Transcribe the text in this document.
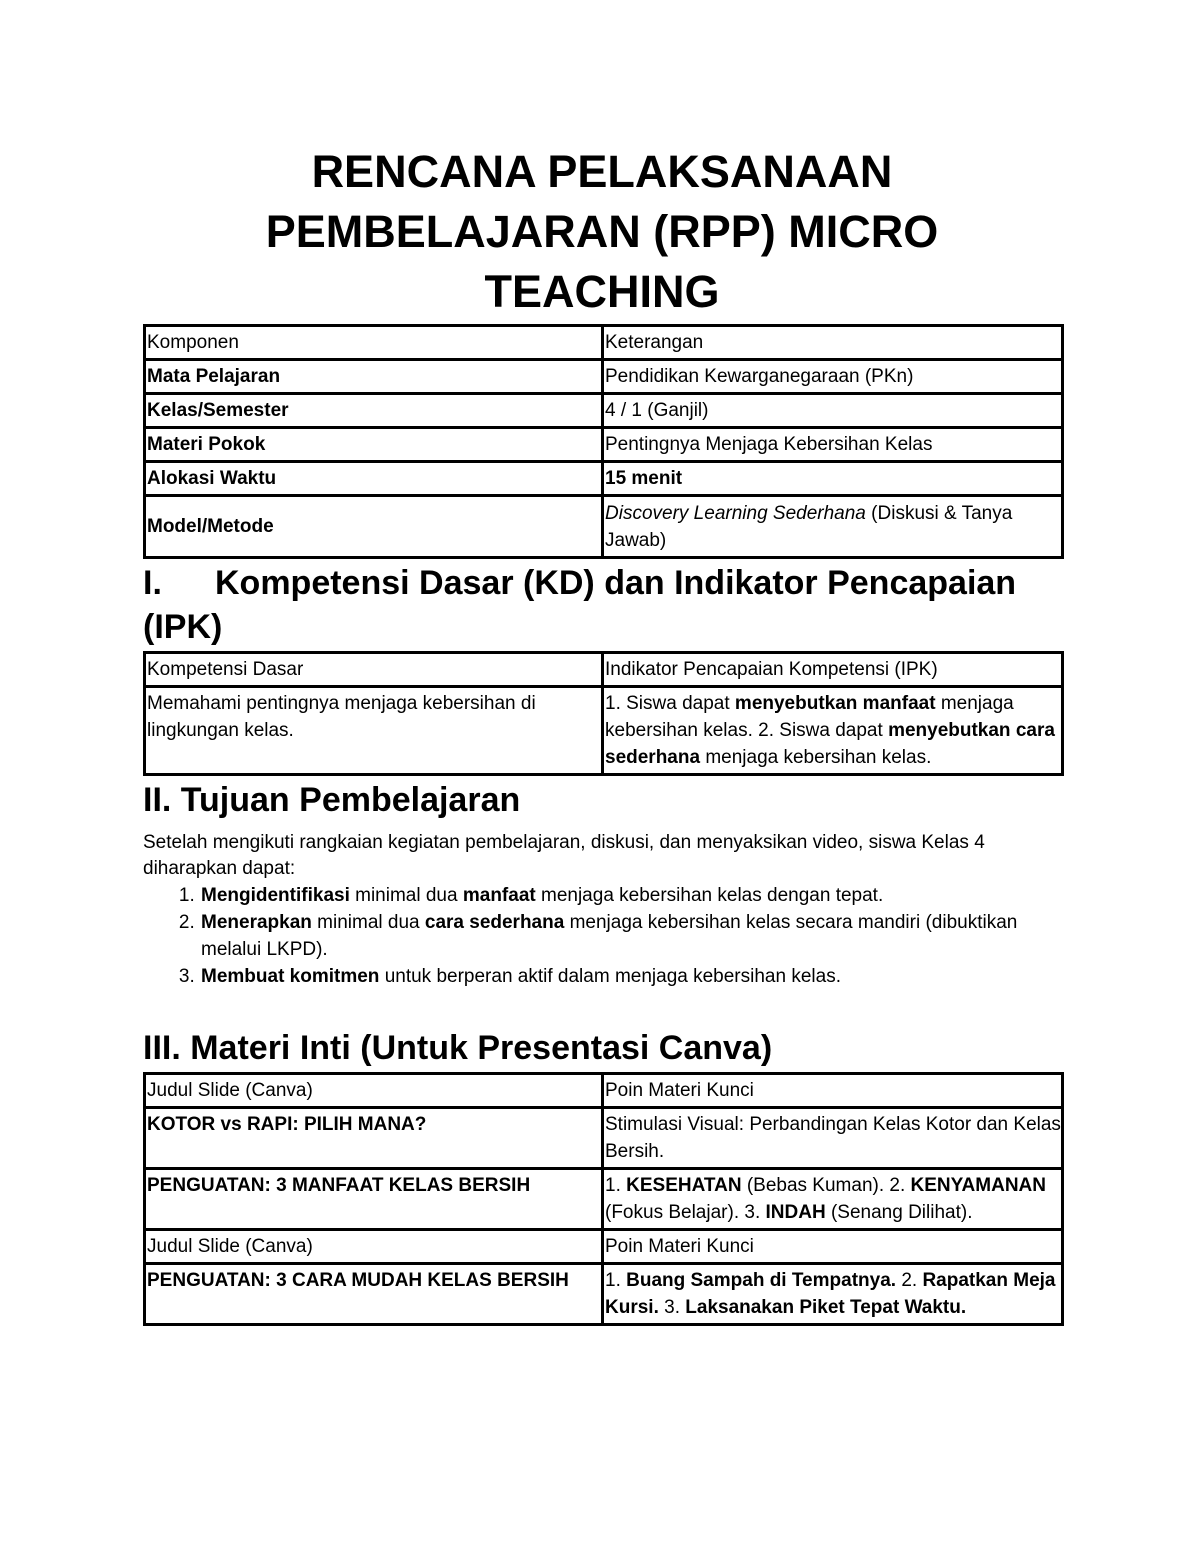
RENCANA PELAKSANAAN
PEMBELAJARAN (RPP) MICRO
TEACHING
Komponen	Keterangan
Mata Pelajaran	Pendidikan Kewarganegaraan (PKn)
Kelas/Semester	4 / 1 (Ganjil)
Materi Pokok	Pentingnya Menjaga Kebersihan Kelas
Alokasi Waktu	15 menit
Model/Metode	Discovery Learning Sederhana (Diskusi & Tanya Jawab)
I. Kompetensi Dasar (KD) dan Indikator Pencapaian (IPK)
Kompetensi Dasar	Indikator Pencapaian Kompetensi (IPK)
Memahami pentingnya menjaga kebersihan di lingkungan kelas.	1. Siswa dapat menyebutkan manfaat menjaga kebersihan kelas. 2. Siswa dapat menyebutkan cara sederhana menjaga kebersihan kelas.
II. Tujuan Pembelajaran

Setelah mengikuti rangkaian kegiatan pembelajaran, diskusi, dan menyaksikan video, siswa Kelas 4 diharapkan dapat:

1. Mengidentifikasi minimal dua manfaat menjaga kebersihan kelas dengan tepat.
2. Menerapkan minimal dua cara sederhana menjaga kebersihan kelas secara mandiri (dibuktikan melalui LKPD).
3. Membuat komitmen untuk berperan aktif dalam menjaga kebersihan kelas.
III. Materi Inti (Untuk Presentasi Canva)
Judul Slide (Canva)	Poin Materi Kunci
KOTOR vs RAPI: PILIH MANA?	Stimulasi Visual: Perbandingan Kelas Kotor dan Kelas Bersih.
PENGUATAN: 3 MANFAAT KELAS BERSIH	1. KESEHATAN (Bebas Kuman). 2. KENYAMANAN (Fokus Belajar). 3. INDAH (Senang Dilihat).
Judul Slide (Canva)	Poin Materi Kunci
PENGUATAN: 3 CARA MUDAH KELAS BERSIH	1. Buang Sampah di Tempatnya. 2. Rapatkan Meja Kursi. 3. Laksanakan Piket Tepat Waktu.
